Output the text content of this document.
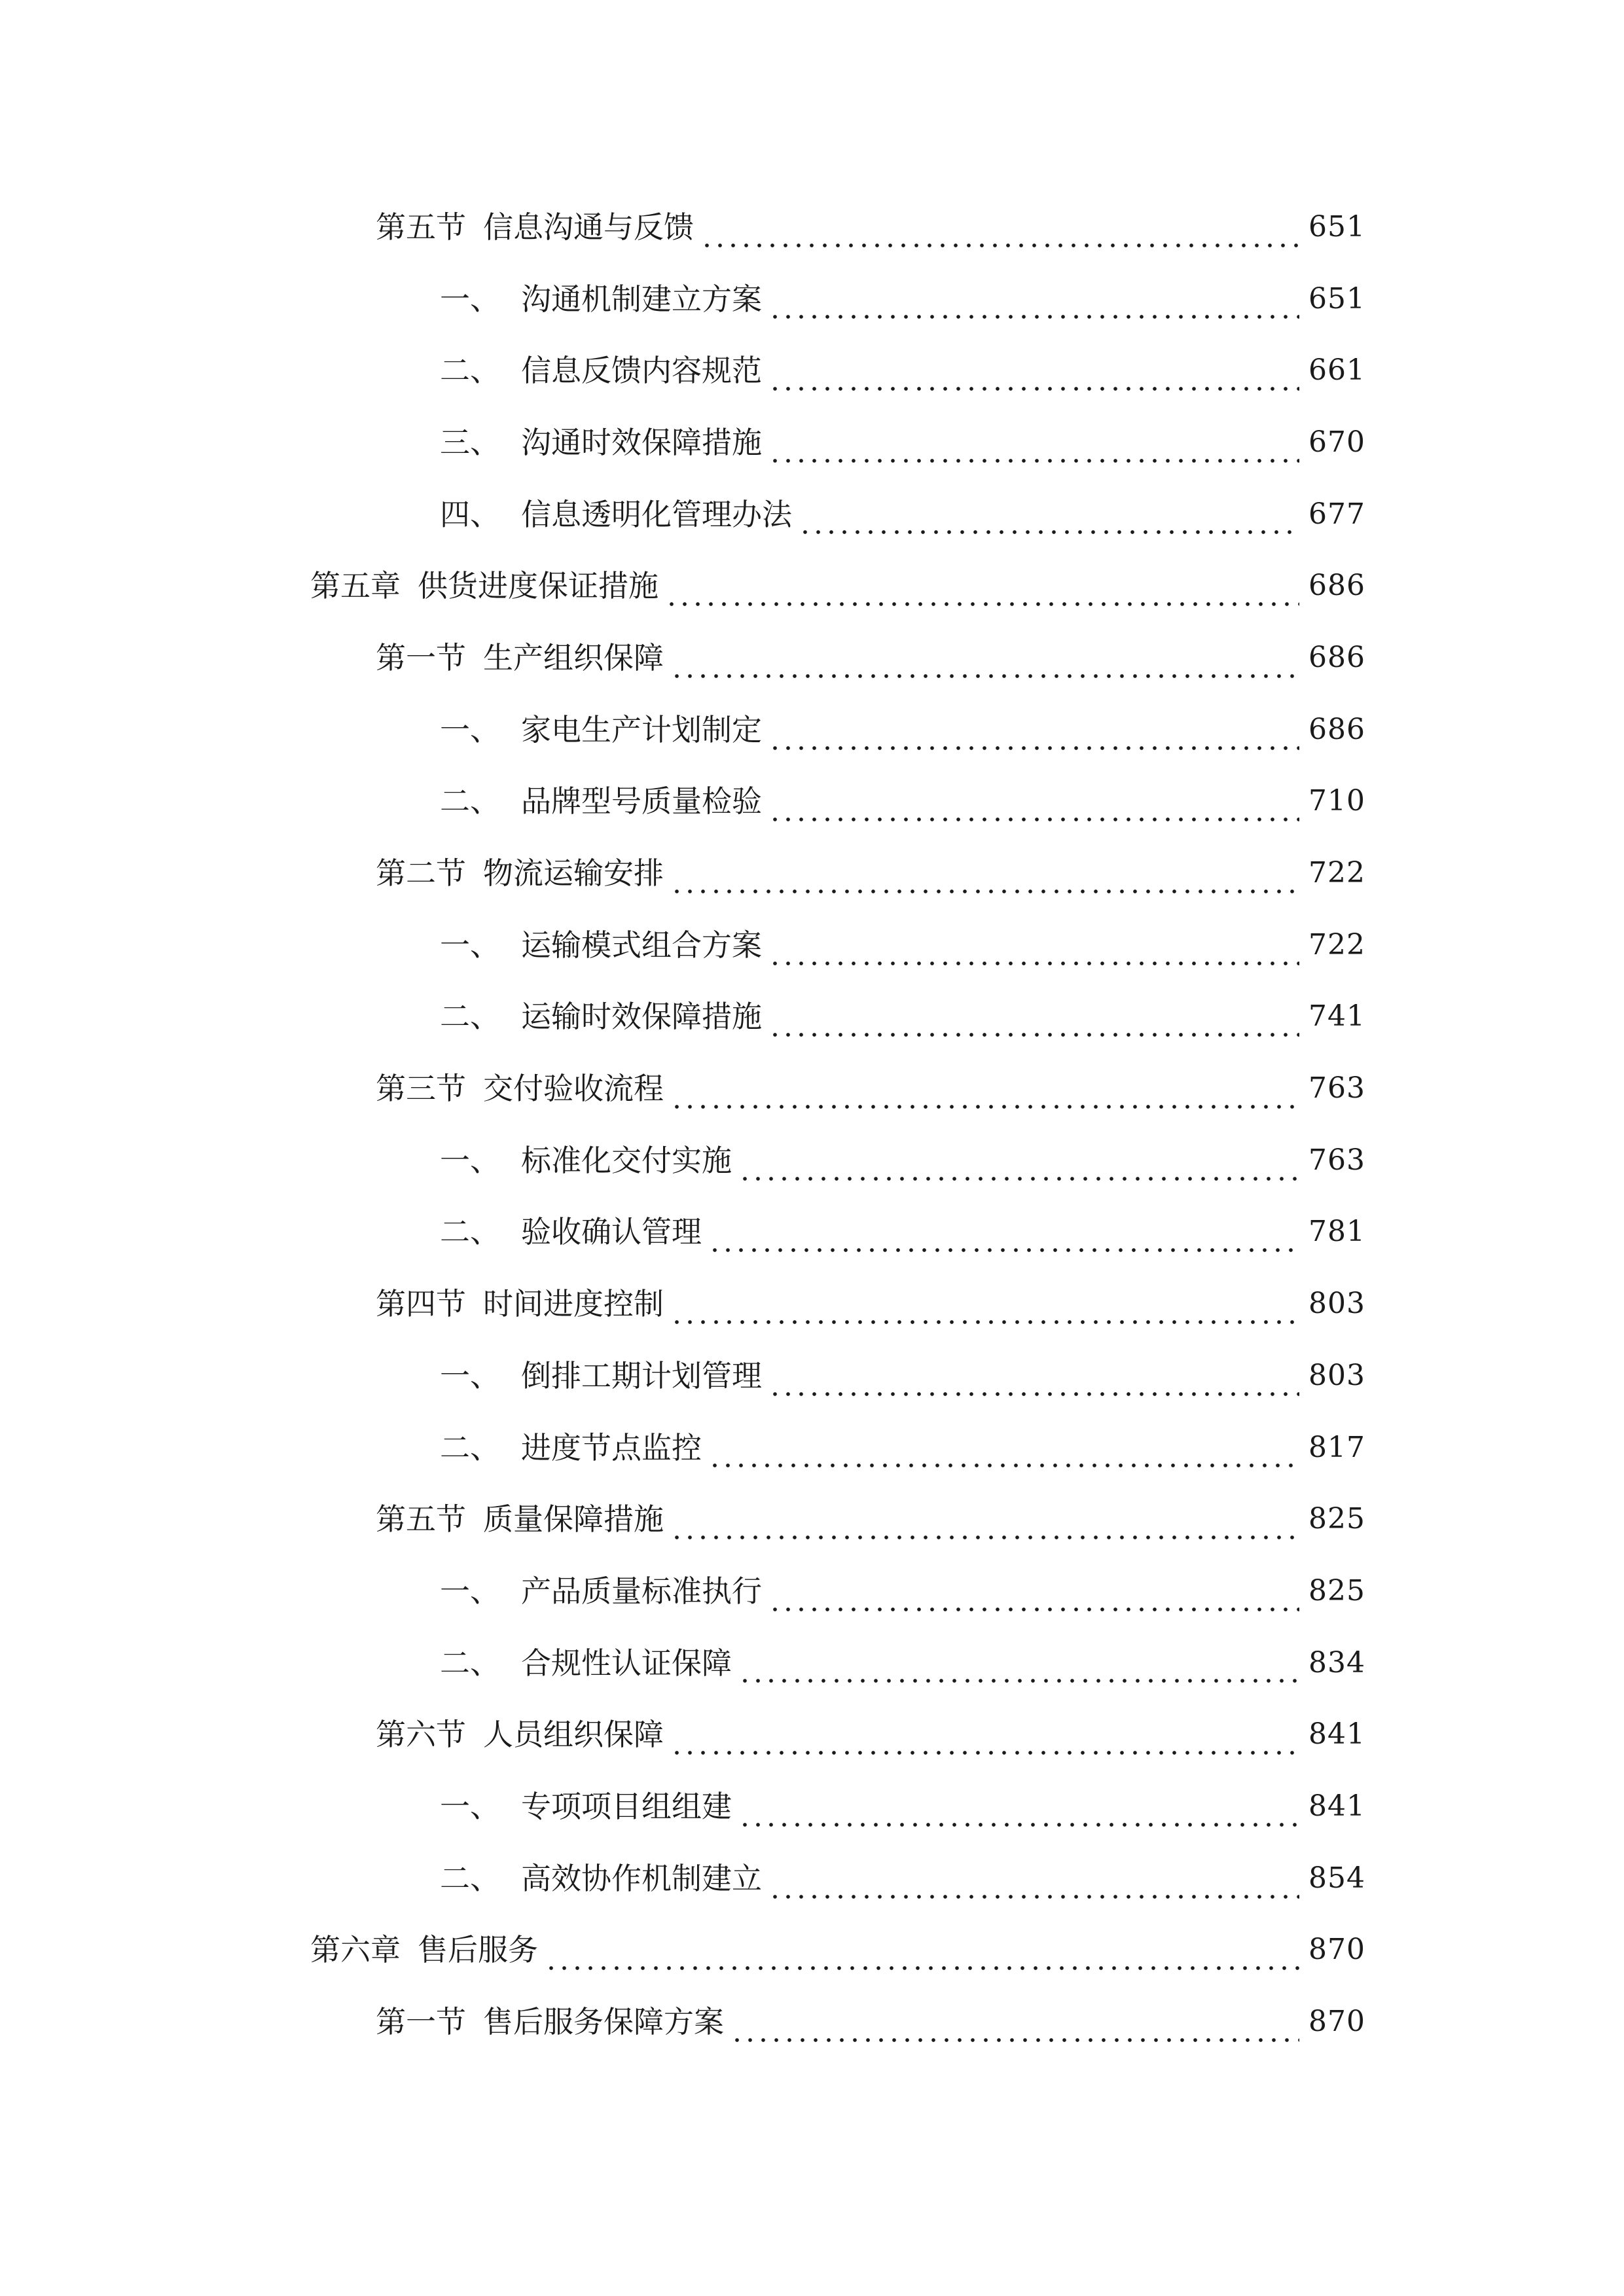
第五节 信息沟通与反馈	651
一、 沟通机制建立方案	651
二、 信息反馈内容规范	661
三、 沟通时效保障措施	670
四、 信息透明化管理办法	677
第五章 供货进度保证措施	686
第一节 生产组织保障	686
一、 家电生产计划制定	686
二、 品牌型号质量检验	710
第二节 物流运输安排	722
一、 运输模式组合方案	722
二、 运输时效保障措施	741
第三节 交付验收流程	763
一、 标准化交付实施	763
二、 验收确认管理	781
第四节 时间进度控制	803
一、 倒排工期计划管理	803
二、 进度节点监控	817
第五节 质量保障措施	825
一、 产品质量标准执行	825
二、 合规性认证保障	834
第六节 人员组织保障	841
一、 专项项目组组建	841
二、 高效协作机制建立	854
第六章 售后服务	870
第一节 售后服务保障方案	870
